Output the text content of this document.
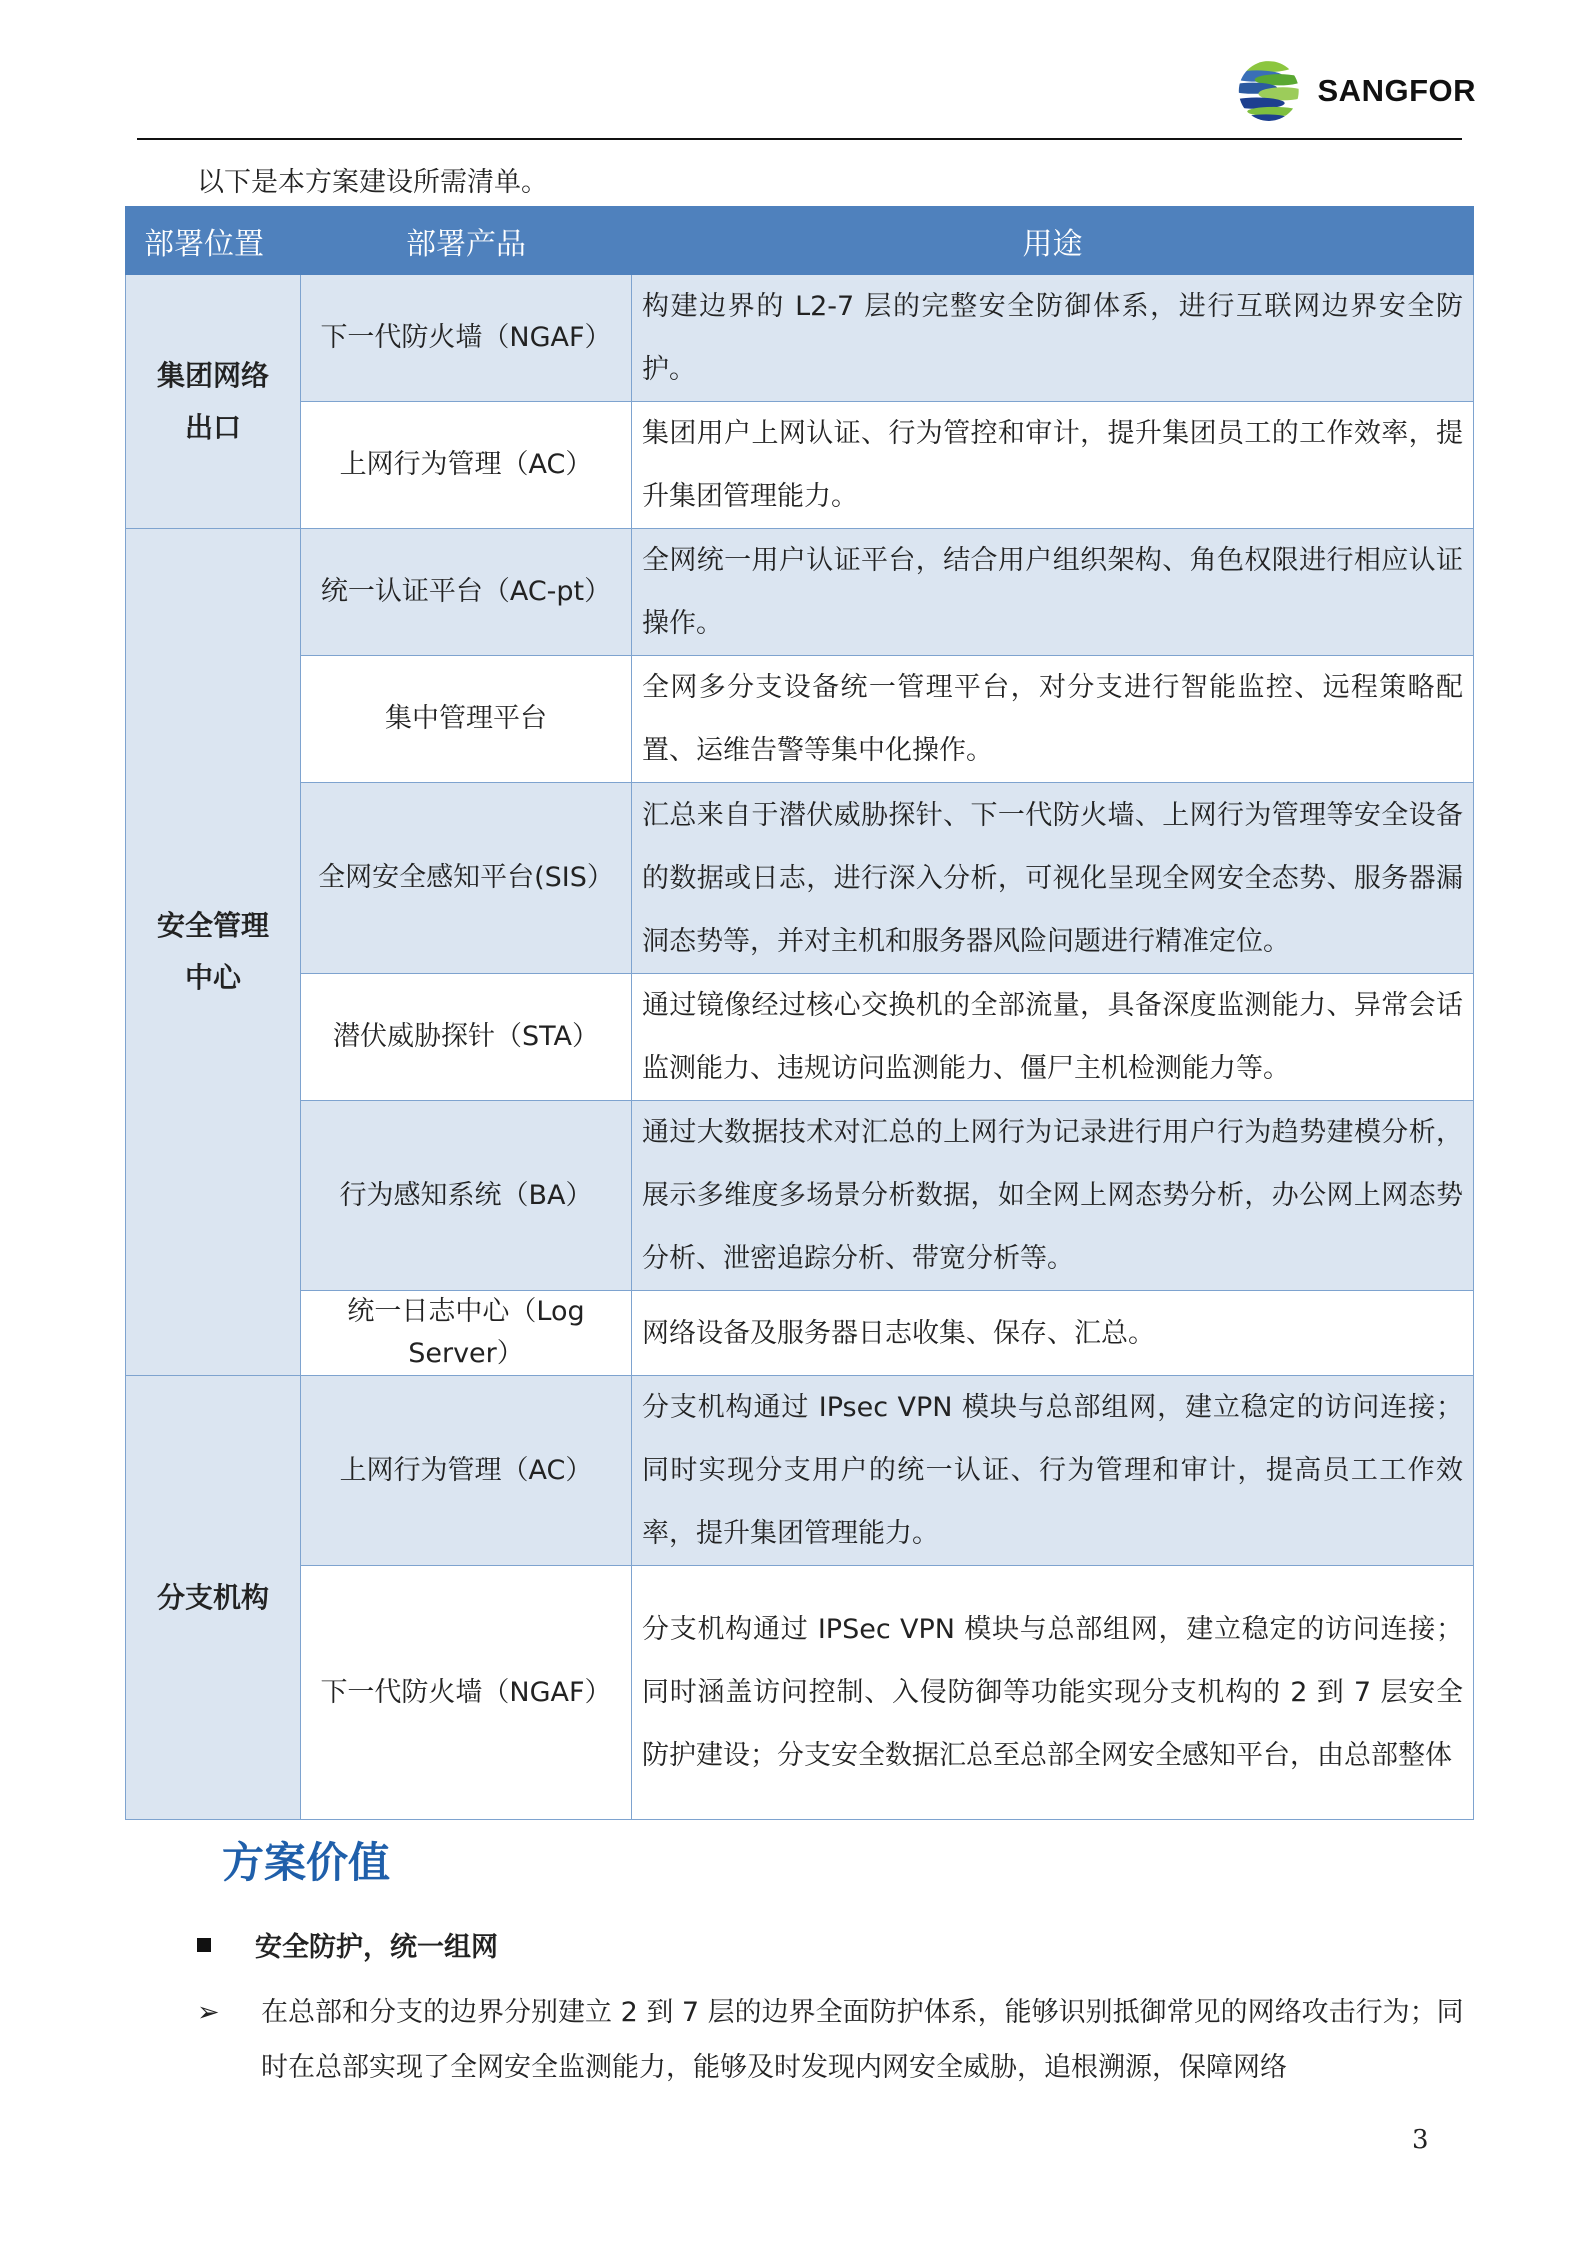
SANGFOR
以下是本方案建设所需清单。
部署位置	部署产品	用途
集团网络出口	下一代防火墙（NGAF）	构建边界的 L2-7 层的完整安全防御体系，进行互联网边界安全防护。
	上网行为管理（AC）	集团用户上网认证、行为管控和审计，提升集团员工的工作效率，提升集团管理能力。
安全管理中心	统一认证平台（AC-pt）	全网统一用户认证平台，结合用户组织架构、角色权限进行相应认证 操作。
	集中管理平台	全网多分支设备统一管理平台，对分支进行智能监控、远程策略配置、运维告警等集中化操作。
	全网安全感知平台(SIS）	汇总来自于潜伏威胁探针、下一代防火墙、上网行为管理等安全设备的数据或日志，进行深入分析，可视化呈现全网安全态势、服务器漏洞态势等，并对主机和服务器风险问题进行精准定位。
	潜伏威胁探针（STA）	通过镜像经过核心交换机的全部流量，具备深度监测能力、异常会话监测能力、违规访问监测能力、僵尸主机检测能力等。
	行为感知系统（BA）	通过大数据技术对汇总的上网行为记录进行用户行为趋势建模分析，展示多维度多场景分析数据，如全网上网态势分析，办公网上网态势分析、泄密追踪分析、带宽分析等。
	统一日志中心（Log Server）	网络设备及服务器日志收集、保存、汇总。
分支机构	上网行为管理（AC）	分支机构通过 IPsec VPN 模块与总部组网，建立稳定的访问连接；同时实现分支用户的统一认证、行为管理和审计，提高员工工作效率，提升集团管理能力。
	下一代防火墙（NGAF）	分支机构通过 IPSec VPN 模块与总部组网，建立稳定的访问连接；同时涵盖访问控制、入侵防御等功能实现分支机构的 2 到 7 层安全防护建设；分支安全数据汇总至总部全网安全感知平台，由总部整体
方案价值
安全防护，统一组网
➢ 在总部和分支的边界分别建立 2 到 7 层的边界全面防护体系，能够识别抵御常见的网络攻击行为；同时在总部实现了全网安全监测能力，能够及时发现内网安全威胁，追根溯源，保障网络
3
